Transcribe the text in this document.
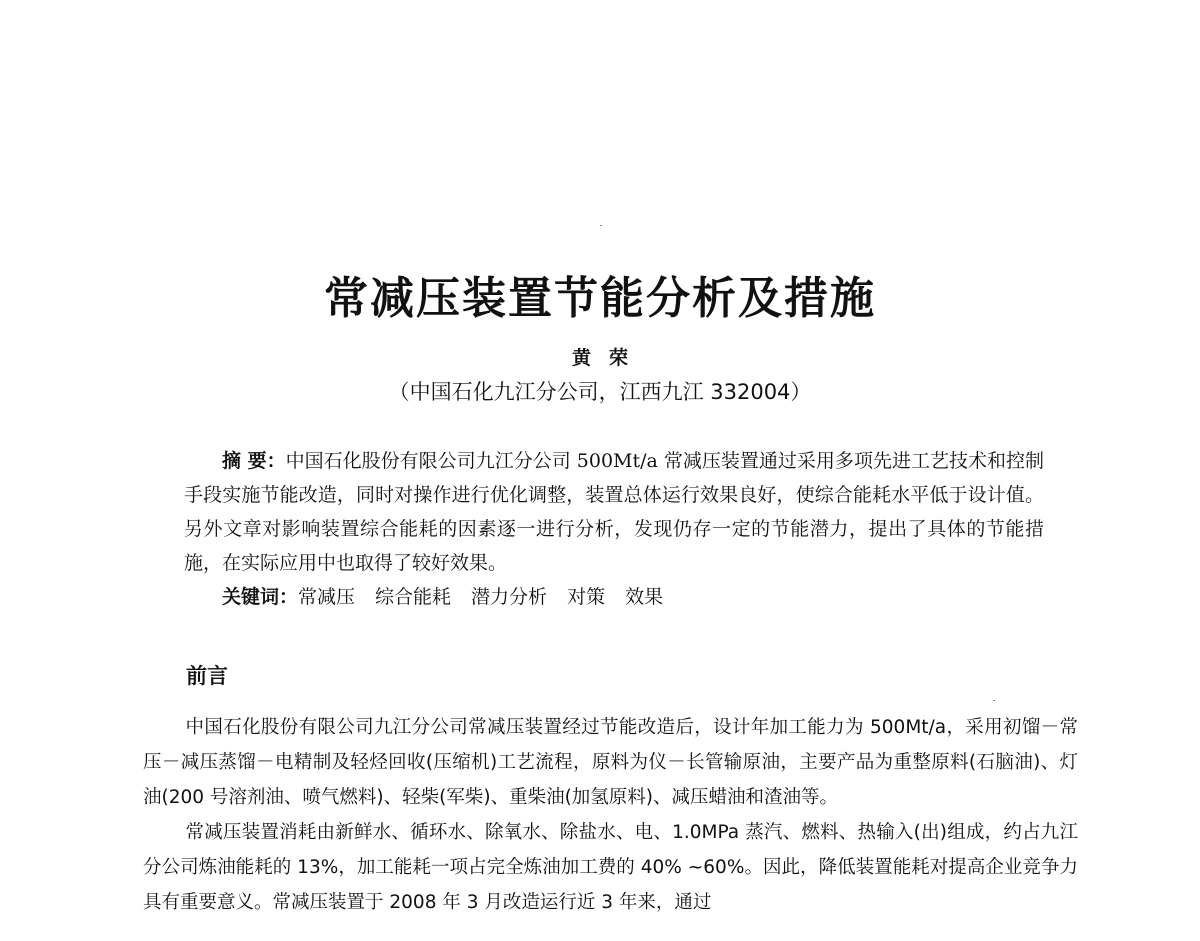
常减压装置节能分析及措施
黄荣
（中国石化九江分公司，江西九江 332004）

摘 要：中国石化股份有限公司九江分公司 500Mt/a 常减压装置通过采用多项先进工艺技术和控制手段实施节能改造，同时对操作进行优化调整，装置总体运行效果良好，使综合能耗水平低于设计值。另外文章对影响装置综合能耗的因素逐一进行分析，发现仍存一定的节能潜力，提出了具体的节能措施，在实际应用中也取得了较好效果。

关键词：常减压 综合能耗 潜力分析 对策 效果

前言

中国石化股份有限公司九江分公司常减压装置经过节能改造后，设计年加工能力为 500Mt/a，采用初馏－常压－减压蒸馏－电精制及轻烃回收(压缩机)工艺流程，原料为仪－长管输原油，主要产品为重整原料(石脑油)、灯油(200 号溶剂油、喷气燃料)、轻柴(军柴)、重柴油(加氢原料)、减压蜡油和渣油等。

常减压装置消耗由新鲜水、循环水、除氧水、除盐水、电、1.0MPa 蒸汽、燃料、热输入(出)组成，约占九江分公司炼油能耗的 13%，加工能耗一项占完全炼油加工费的 40% ~60%。因此，降低装置能耗对提高企业竞争力具有重要意义。常减压装置于 2008 年 3 月改造运行近 3 年来，通过
